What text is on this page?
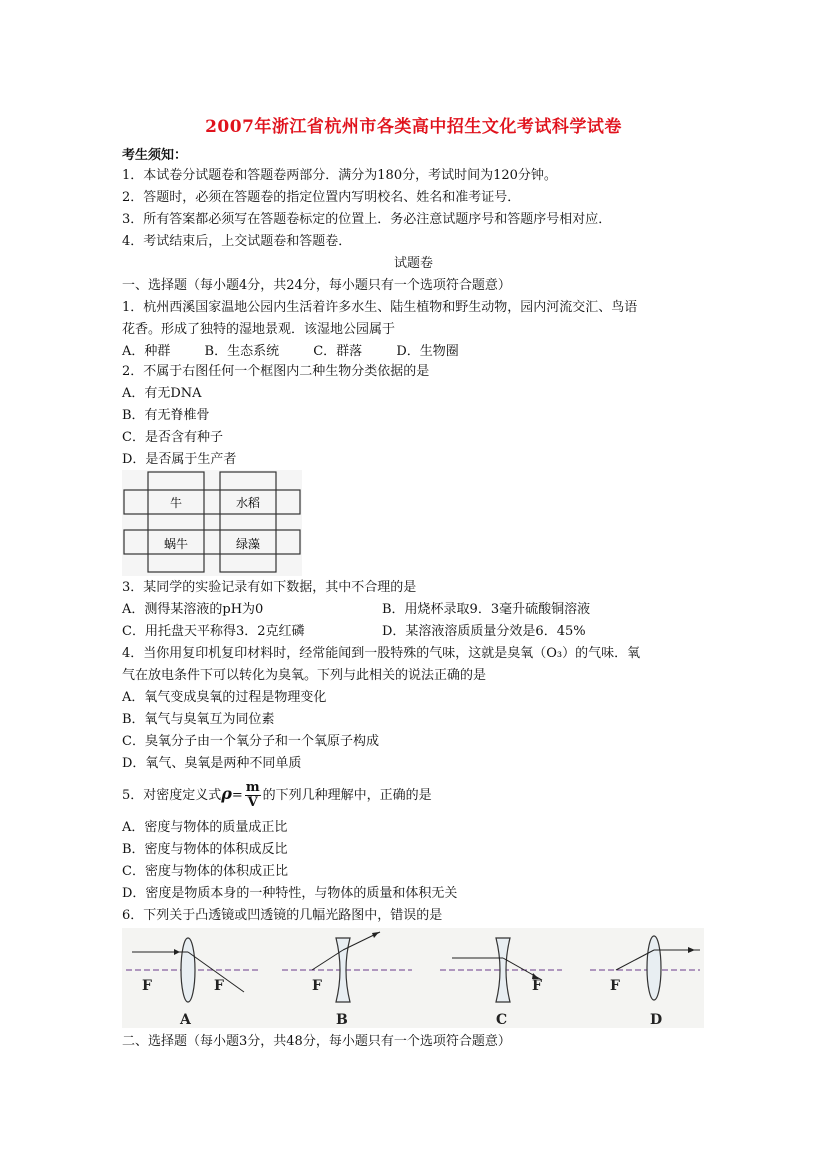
2007年浙江省杭州市各类高中招生文化考试科学试卷
考生须知：
1．本试卷分试题卷和答题卷两部分．满分为180分，考试时间为120分钟。
2．答题时，必须在答题卷的指定位置内写明校名、姓名和准考证号．
3．所有答案都必须写在答题卷标定的位置上．务必注意试题序号和答题序号相对应．
4．考试结束后，上交试题卷和答题卷．
试题卷
一、选择题（每小题4分，共24分，每小题只有一个选项符合题意）
1．杭州西溪国家温地公园内生活着许多水生、陆生植物和野生动物，园内河流交汇、鸟语
花香。形成了独特的湿地景观．该湿地公园属于
A．种群	B．生态系统	C．群落	D．生物圈
2．不属于右图任何一个框图内二种生物分类依据的是
A．有无DNA
B．有无脊椎骨
C．是否含有种子
D．是否属于生产者
牛	水稻
蜗牛	绿藻
3．某同学的实验记录有如下数据，其中不合理的是
A．测得某溶液的pH为0	B．用烧杯录取9．3毫升硫酸铜溶液
C．用托盘天平称得3．2克红磷	D．某溶液溶质质量分效是6．45%
4．当你用复印机复印材料时，经常能闻到一股特殊的气味，这就是臭氧（O₃）的气味．氧
气在放电条件下可以转化为臭氧。下列与此相关的说法正确的是
A．氧气变成臭氧的过程是物理变化
B．氧气与臭氧互为同位素
C．臭氧分子由一个氧分子和一个氧原子构成
D．氧气、臭氧是两种不同单质
5．对密度定义式$\rho= \frac{m}{V}$ 的下列几种理解中，正确的是
A．密度与物体的质量成正比
B．密度与物体的体积成反比
C．密度与物体的体积成正比
D．密度是物质本身的一种特性，与物体的质量和体积无关
6．下列关于凸透镜或凹透镜的几幅光路图中，错误的是
F	F
A
F
B
F
C
F
D
二、选择题（每小题3分，共48分，每小题只有一个选项符合题意）
